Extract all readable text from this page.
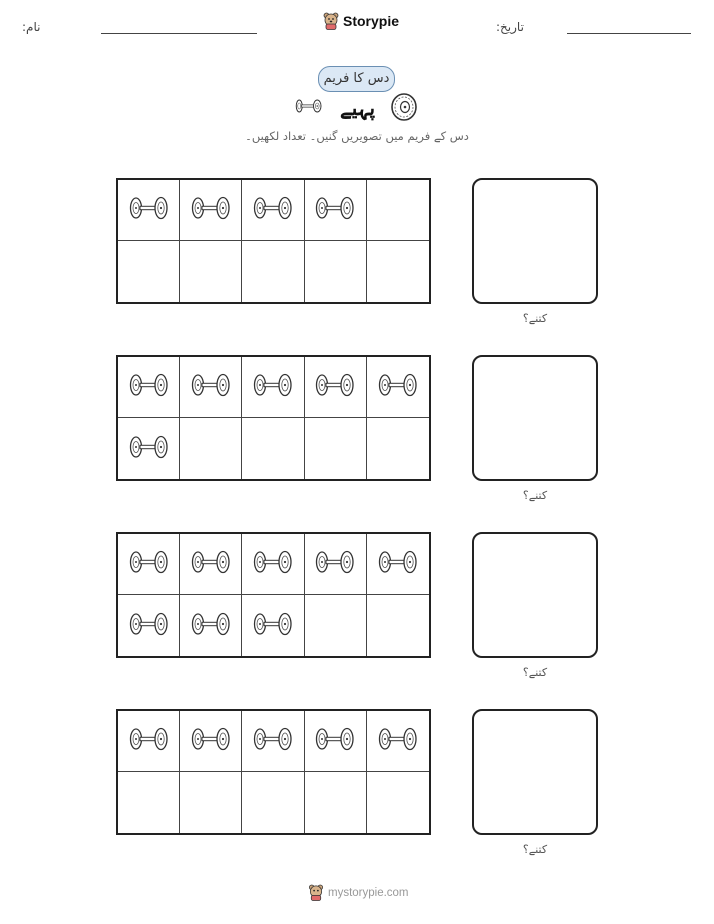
نام:	Storypie	تاریخ:
دس کا فریم
پہیے
دس کے فریم میں تصویریں گنیں۔ تعداد لکھیں۔
کتنے؟
کتنے؟
کتنے؟
کتنے؟
mystorypie.com
